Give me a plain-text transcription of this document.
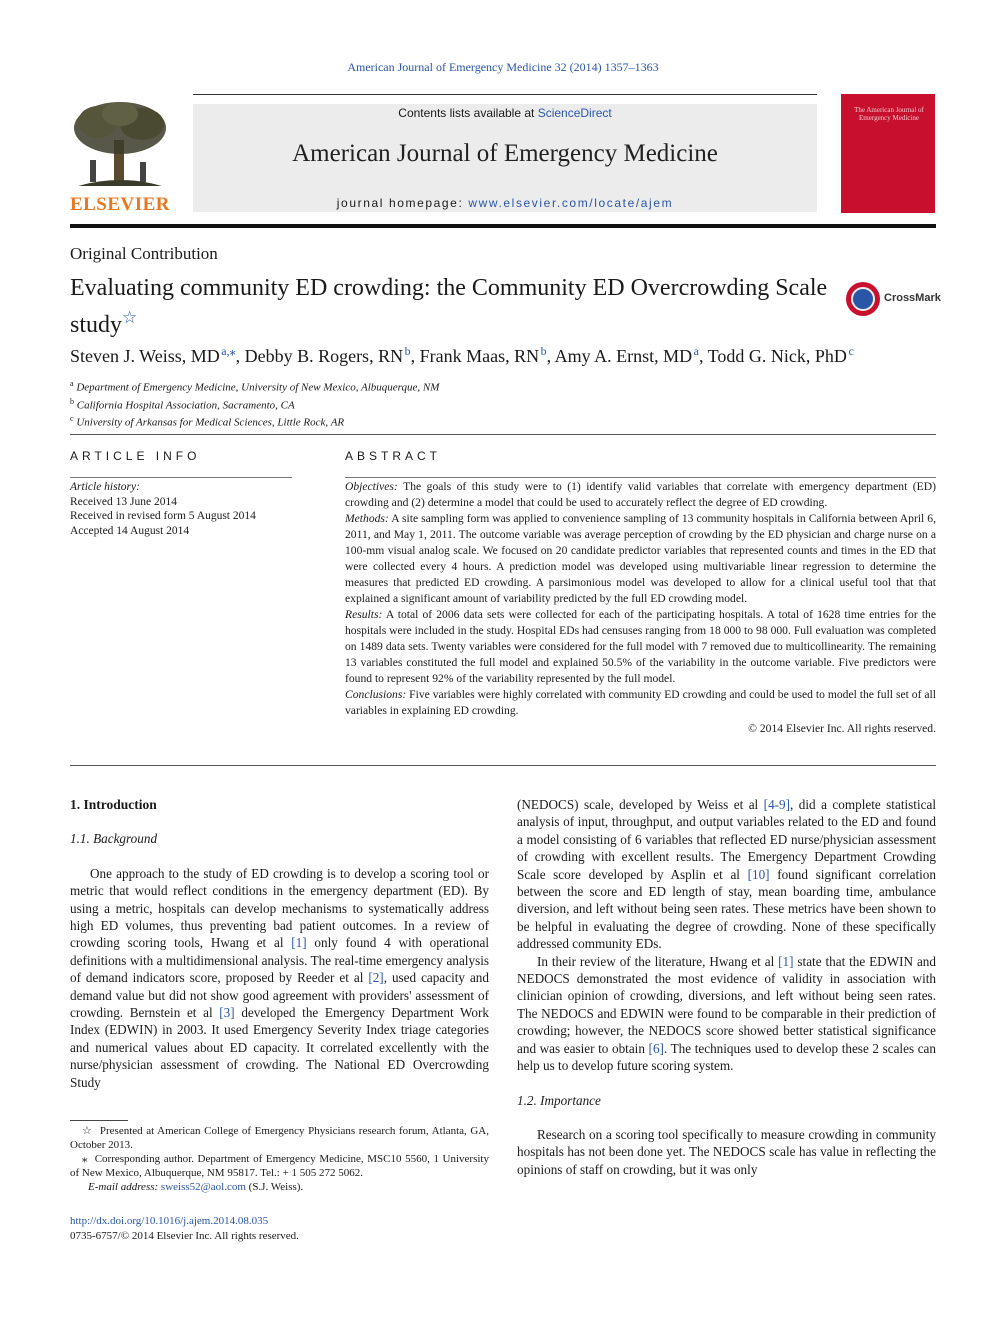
American Journal of Emergency Medicine 32 (2014) 1357–1363
ELSEVIER
Contents lists available at ScienceDirect
American Journal of Emergency Medicine
journal homepage: www.elsevier.com/locate/ajem
The American Journal of Emergency Medicine
Original Contribution
Evaluating community ED crowding: the Community ED Overcrowding Scale study☆
CrossMark
Steven J. Weiss, MD  $^{a,⁎}$, Debby B. Rogers, RN  $^b$, Frank Maas, RN  $^b$, Amy A. Ernst, MD  $^a$, Todd G. Nick, PhD  $^c$
$^a$ Department of Emergency Medicine, University of New Mexico, Albuquerque, NM
$^b$ California Hospital Association, Sacramento, CA
$^c$ University of Arkansas for Medical Sciences, Little Rock, AR
ARTICLE INFO
Article history:
Received 13 June 2014
Received in revised form 5 August 2014
Accepted 14 August 2014
ABSTRACT

Objectives: The goals of this study were to (1) identify valid variables that correlate with emergency department (ED) crowding and (2) determine a model that could be used to accurately reflect the degree of ED crowding.

Methods: A site sampling form was applied to convenience sampling of 13 community hospitals in California between April 6, 2011, and May 1, 2011. The outcome variable was average perception of crowding by the ED physician and charge nurse on a 100-mm visual analog scale. We focused on 20 candidate predictor variables that represented counts and times in the ED that were collected every 4 hours. A prediction model was developed using multivariable linear regression to determine the measures that predicted ED crowding. A parsimonious model was developed to allow for a clinical useful tool that that explained a significant amount of variability predicted by the full ED crowding model.

Results: A total of 2006 data sets were collected for each of the participating hospitals. A total of 1628 time entries for the hospitals were included in the study. Hospital EDs had censuses ranging from 18 000 to 98 000. Full evaluation was completed on 1489 data sets. Twenty variables were considered for the full model with 7 removed due to multicollinearity. The remaining 13 variables constituted the full model and explained 50.5% of the variability in the outcome variable. Five predictors were found to represent 92% of the variability represented by the full model.

Conclusions: Five variables were highly correlated with community ED crowding and could be used to model the full set of all variables in explaining ED crowding.

© 2014 Elsevier Inc. All rights reserved.

1. Introduction

1.1. Background

One approach to the study of ED crowding is to develop a scoring tool or metric that would reflect conditions in the emergency department (ED). By using a metric, hospitals can develop mechanisms to systematically address high ED volumes, thus preventing bad patient outcomes. In a review of crowding scoring tools, Hwang et al [1] only found 4 with operational definitions with a multidimensional analysis. The real-time emergency analysis of demand indicators score, proposed by Reeder et al [2], used capacity and demand value but did not show good agreement with providers' assessment of crowding. Bernstein et al [3] developed the Emergency Department Work Index (EDWIN) in 2003. It used Emergency Severity Index triage categories and numerical values about ED capacity. It correlated excellently with the nurse/physician assessment of crowding. The National ED Overcrowding Study

(NEDOCS) scale, developed by Weiss et al [4-9], did a complete statistical analysis of input, throughput, and output variables related to the ED and found a model consisting of 6 variables that reflected ED nurse/physician assessment of crowding with excellent results. The Emergency Department Crowding Scale score developed by Asplin et al [10] found significant correlation between the score and ED length of stay, mean boarding time, ambulance diversion, and left without being seen rates. These metrics have been shown to be helpful in evaluating the degree of crowding. None of these specifically addressed community EDs.

In their review of the literature, Hwang et al [1] state that the EDWIN and NEDOCS demonstrated the most evidence of validity in association with clinician opinion of crowding, diversions, and left without being seen rates. The NEDOCS and EDWIN were found to be comparable in their prediction of crowding; however, the NEDOCS score showed better statistical significance and was easier to obtain [6]. The techniques used to develop these 2 scales can help us to develop future scoring system.

1.2. Importance

Research on a scoring tool specifically to measure crowding in community hospitals has not been done yet. The NEDOCS scale has value in reflecting the opinions of staff on crowding, but it was only

☆ Presented at American College of Emergency Physicians research forum, Atlanta, GA, October 2013.

⁎ Corresponding author. Department of Emergency Medicine, MSC10 5560, 1 University of New Mexico, Albuquerque, NM 95817. Tel.: + 1 505 272 5062.

E-mail address: sweiss52@aol.com (S.J. Weiss).

http://dx.doi.org/10.1016/j.ajem.2014.08.035
0735-6757/© 2014 Elsevier Inc. All rights reserved.
